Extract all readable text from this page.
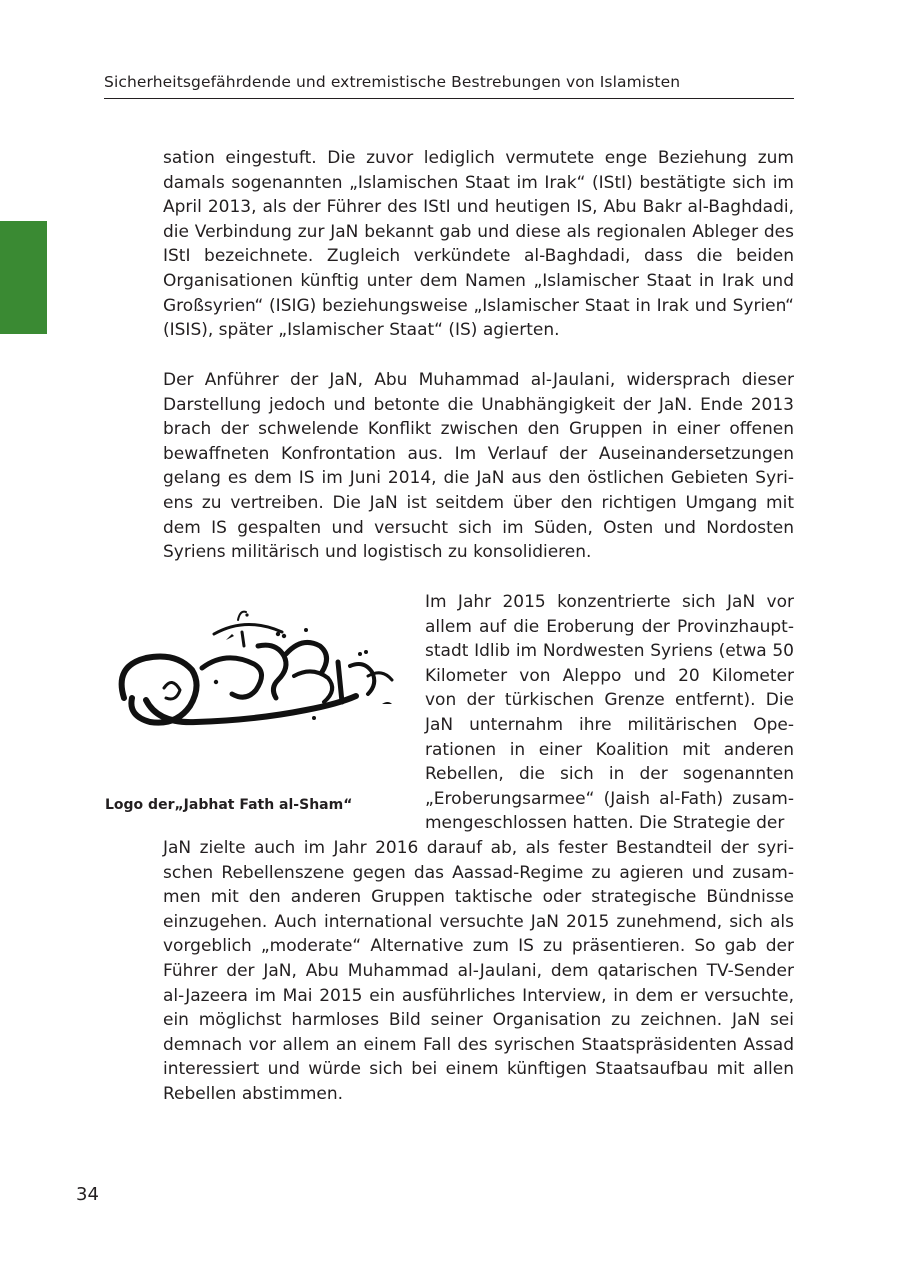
Sicherheitsgefährdende und extremistische Bestrebungen von Islamisten

sation eingestuft. Die zuvor lediglich vermutete enge Beziehung zum damals sogenannten „Islamischen Staat im Irak“ (IStI) bestätigte sich im April 2013, als der Führer des IStI und heutigen IS, Abu Bakr al-Baghdadi, die Verbindung zur JaN bekannt gab und diese als regionalen Ableger des IStI bezeichnete. Zugleich verkündete al-Baghdadi, dass die beiden Organisationen künftig unter dem Namen „Islamischer Staat in Irak und Großsyrien“ (ISIG) beziehungsweise „Islamischer Staat in Irak und Syrien“ (ISIS), später „Islamischer Staat“ (IS) agierten.

Der Anführer der JaN, Abu Muhammad al-Jaulani, widersprach dieser Darstellung jedoch und betonte die Unabhängigkeit der JaN. Ende 2013 brach der schwelende Konflikt zwischen den Gruppen in einer offenen bewaffneten Konfrontation aus. Im Verlauf der Auseinandersetzungen gelang es dem IS im Juni 2014, die JaN aus den östlichen Gebieten Syriens zu vertreiben. Die JaN ist seitdem über den richtigen Umgang mit dem IS gespalten und versucht sich im Süden, Osten und Nordosten Syriens militärisch und logistisch zu konsolidieren.

Logo der„Jabhat Fath al-Sham“

Im Jahr 2015 konzentrierte sich JaN vor allem auf die Eroberung der Provinzhauptstadt Idlib im Nordwesten Syriens (etwa 50 Kilometer von Aleppo und 20 Kilometer von der türkischen Grenze entfernt). Die JaN unternahm ihre militärischen Operationen in einer Koalition mit anderen Rebellen, die sich in der sogenannten „Eroberungsarmee“ (Jaish al-Fath) zusammengeschlossen hatten. Die Strategie der

JaN zielte auch im Jahr 2016 darauf ab, als fester Bestandteil der syrischen Rebellenszene gegen das Aassad-Regime zu agieren und zusammen mit den anderen Gruppen taktische oder strategische Bündnisse einzugehen. Auch international versuchte JaN 2015 zunehmend, sich als vorgeblich „moderate“ Alternative zum IS zu präsentieren. So gab der Führer der JaN, Abu Muhammad al-Jaulani, dem qatarischen TV-Sender al-Jazeera im Mai 2015 ein ausführliches Interview, in dem er versuchte, ein möglichst harmloses Bild seiner Organisation zu zeichnen. JaN sei demnach vor allem an einem Fall des syrischen Staatspräsidenten Assad interessiert und würde sich bei einem künftigen Staatsaufbau mit allen Rebellen abstimmen.

34
